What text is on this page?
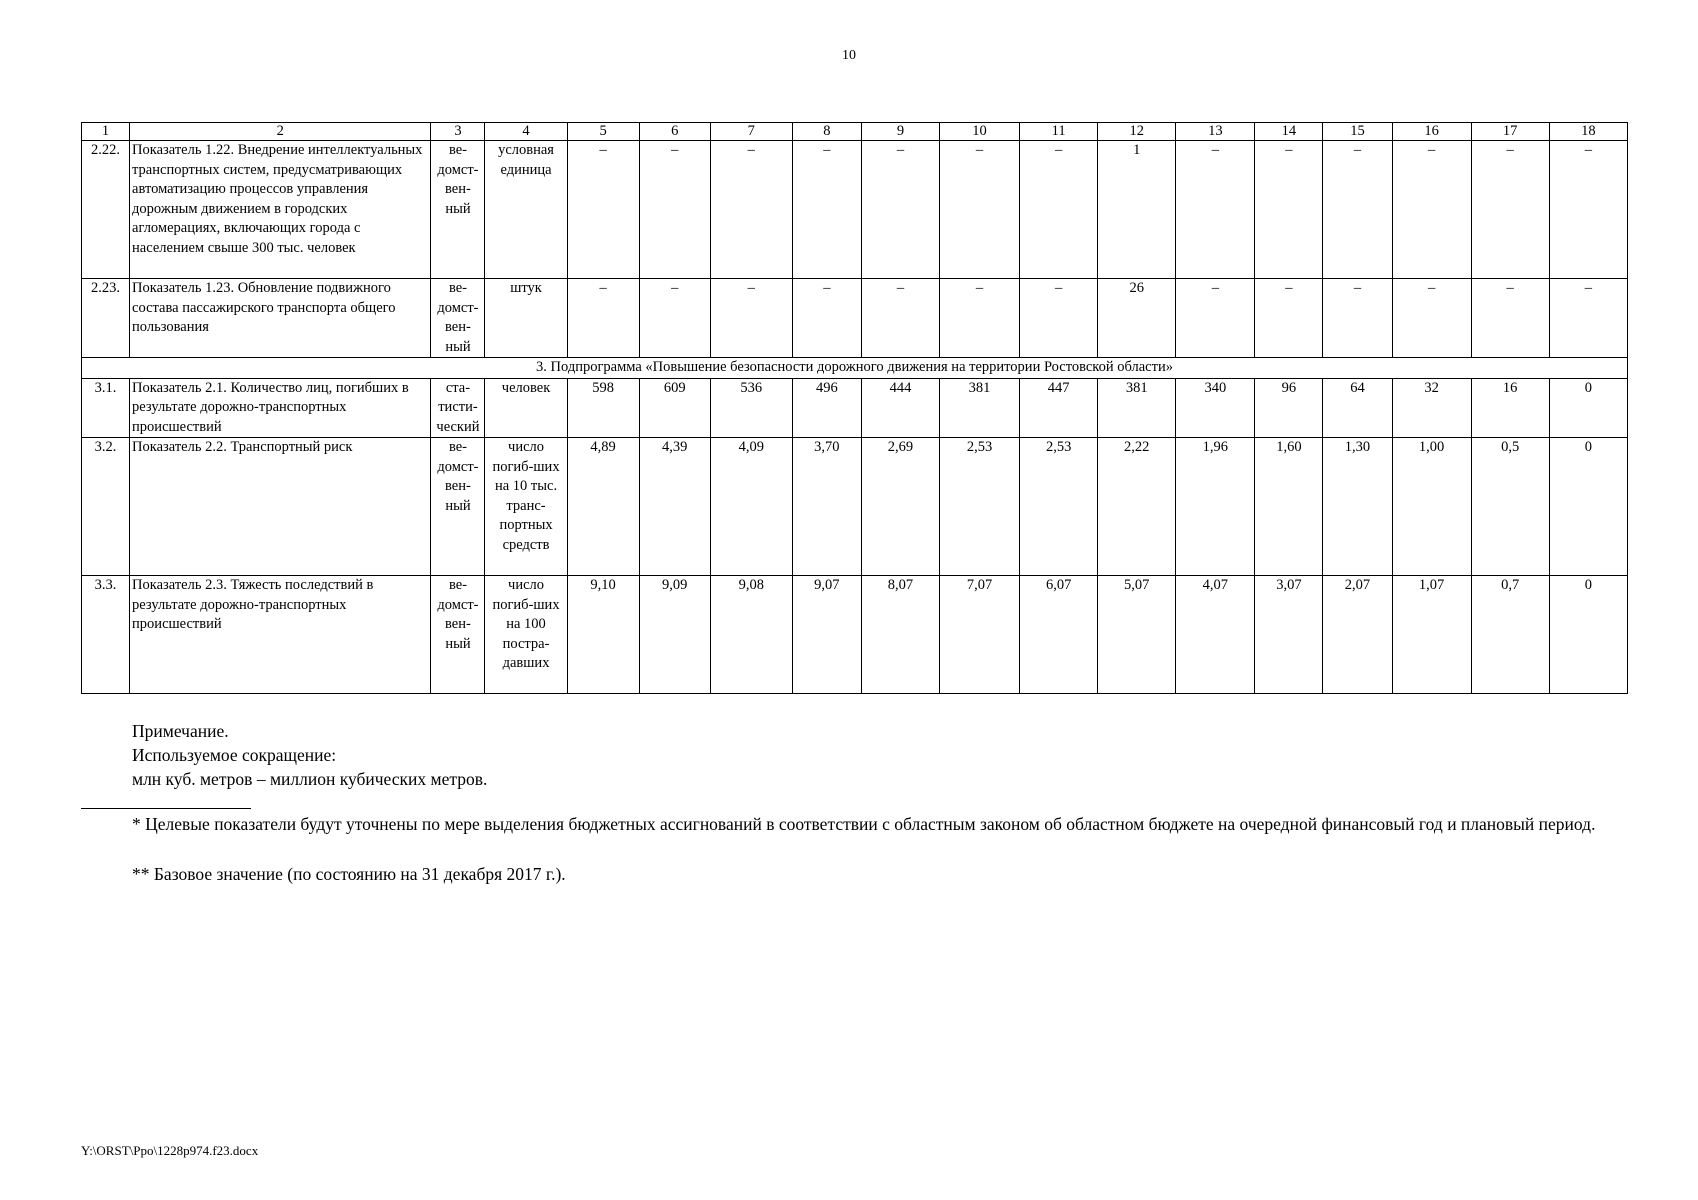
10
1	2	3	4	5	6	7	8	9	10	11	12	13	14	15	16	17	18
2.22.	Показатель 1.22. Внедрение интеллектуальных транспортных систем, предусматривающих автоматизацию процессов управления дорожным движением в городских агломерациях, включающих города с населением свыше 300 тыс. человек	ве-домст-вен-ный	условная единица	–	–	–	–	–	–	–	1	–	–	–	–	–	–
2.23.	Показатель 1.23. Обновление подвижного состава пассажирского транспорта общего пользования	ве-домст-вен-ный	штук	–	–	–	–	–	–	–	26	–	–	–	–	–	–
3. Подпрограмма «Повышение безопасности дорожного движения на территории Ростовской области»																	
3.1.	Показатель 2.1. Количество лиц, погибших в результате дорожно-транспортных происшествий	ста-тисти-ческий	человек	598	609	536	496	444	381	447	381	340	96	64	32	16	0
3.2.	Показатель 2.2. Транспортный риск	ве-домст-вен-ный	число погиб-ших на 10 тыс. транс-портных средств	4,89	4,39	4,09	3,70	2,69	2,53	2,53	2,22	1,96	1,60	1,30	1,00	0,5	0
3.3.	Показатель 2.3. Тяжесть последствий в результате дорожно-транспортных происшествий	ве-домст-вен-ный	число погиб-ших на 100 постра-давших	9,10	9,09	9,08	9,07	8,07	7,07	6,07	5,07	4,07	3,07	2,07	1,07	0,7	0
Примечание.
Используемое сокращение:
млн куб. метров – миллион кубических метров.
* Целевые показатели будут уточнены по мере выделения бюджетных ассигнований в соответствии с областным законом об областном бюджете на очередной финансовый год и плановый период.
** Базовое значение (по состоянию на 31 декабря 2017 г.).
Y:\ORST\Ppo\1228p974.f23.docx
